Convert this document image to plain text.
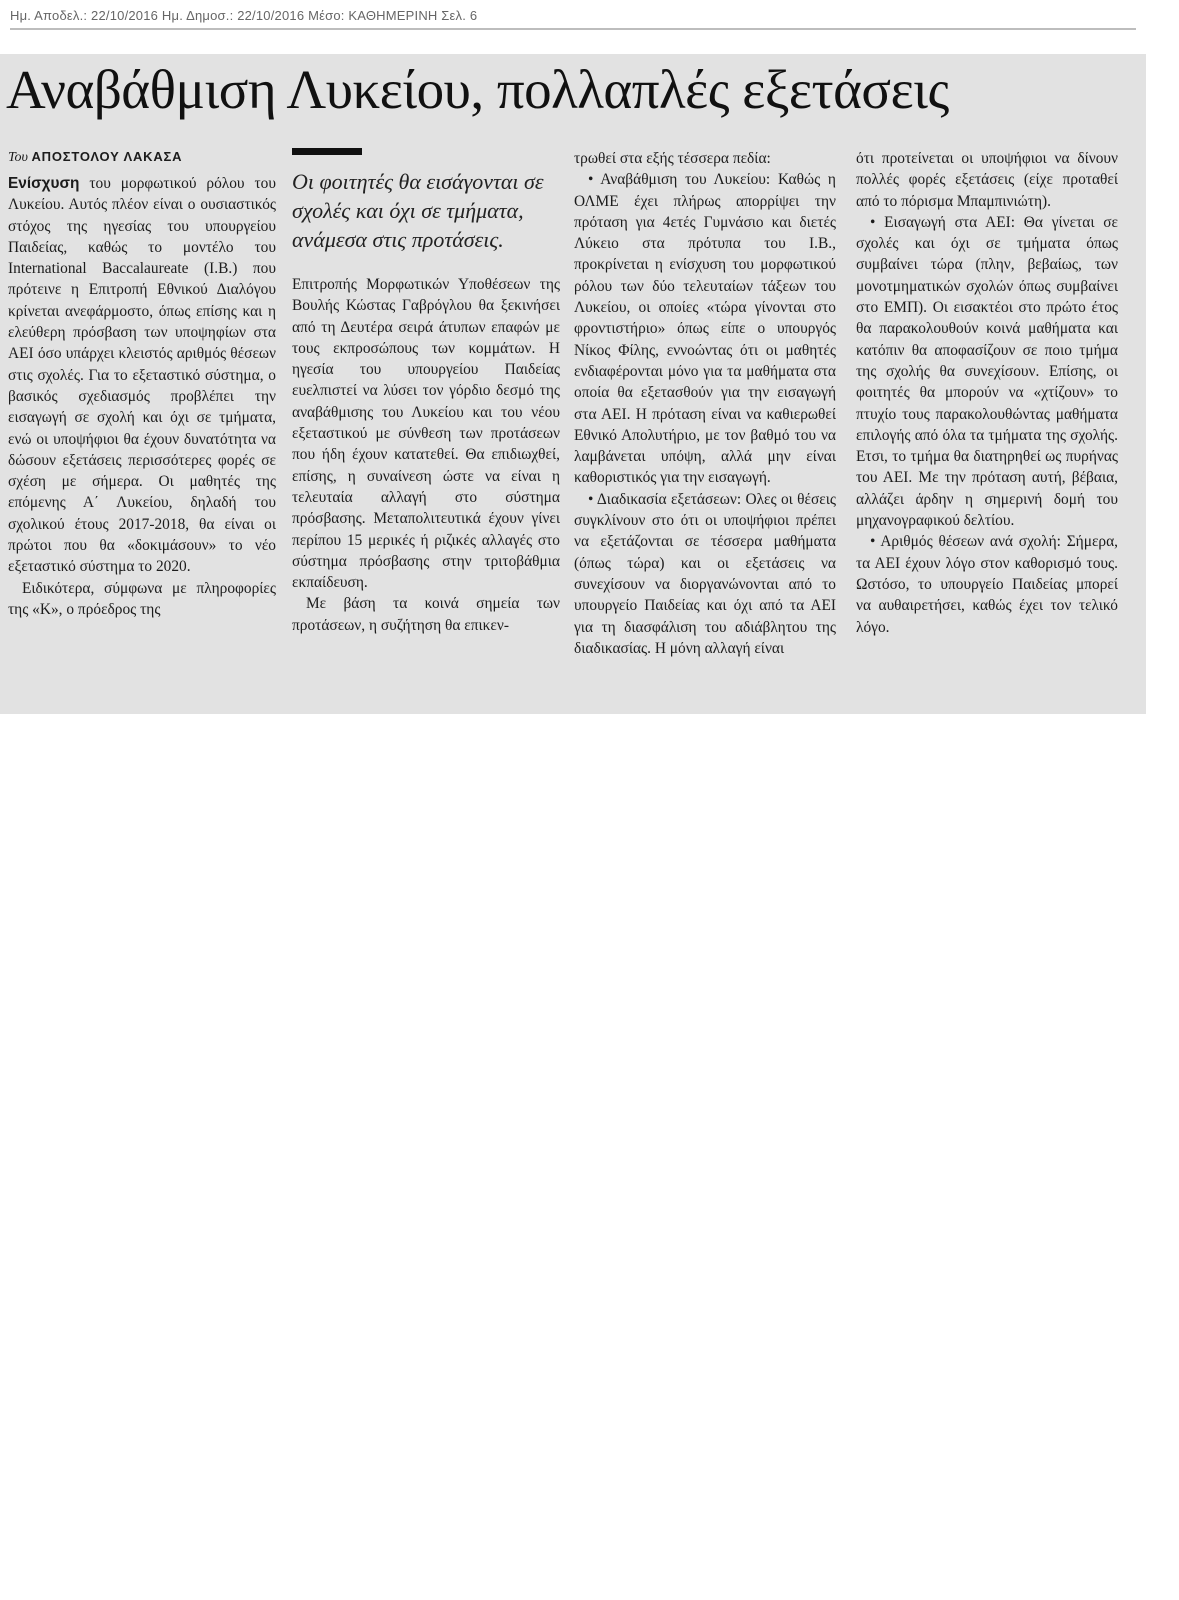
Ημ. Αποδελ.: 22/10/2016 Ημ. Δημοσ.: 22/10/2016 Μέσο: ΚΑΘΗΜΕΡΙΝΗ Σελ. 6
Αναβάθμιση Λυκείου, πολλαπλές εξετάσεις

Του ΑΠΟΣΤΟΛΟΥ ΛΑΚΑΣΑ

Ενίσχυση του μορφωτικού ρόλου του Λυκείου. Αυτός πλέον είναι ο ουσιαστικός στόχος της ηγεσίας του υπουργείου Παιδείας, καθώς το μοντέλο του International Baccalaureate (I.B.) που πρότεινε η Επιτροπή Εθνικού Διαλόγου κρίνεται ανεφάρμοστο, όπως επίσης και η ελεύθερη πρόσβαση των υποψηφίων στα ΑΕΙ όσο υπάρχει κλειστός αριθμός θέσεων στις σχολές. Για το εξεταστικό σύστημα, ο βασικός σχεδιασμός προβλέπει την εισαγωγή σε σχολή και όχι σε τμήματα, ενώ οι υποψήφιοι θα έχουν δυνατότητα να δώσουν εξετάσεις περισσότερες φορές σε σχέση με σήμερα. Οι μαθητές της επόμενης Α΄ Λυκείου, δηλαδή του σχολικού έτους 2017-2018, θα είναι οι πρώτοι που θα «δοκιμάσουν» το νέο εξεταστικό σύστημα το 2020.

Ειδικότερα, σύμφωνα με πληροφορίες της «Κ», ο πρόεδρος της

Οι φοιτητές θα εισάγονται σε σχολές και όχι σε τμήματα, ανάμεσα στις προτάσεις.

Επιτροπής Μορφωτικών Υποθέσεων της Βουλής Κώστας Γαβρόγλου θα ξεκινήσει από τη Δευτέρα σειρά άτυπων επαφών με τους εκπροσώπους των κομμάτων. Η ηγεσία του υπουργείου Παιδείας ευελπιστεί να λύσει τον γόρδιο δεσμό της αναβάθμισης του Λυκείου και του νέου εξεταστικού με σύνθεση των προτάσεων που ήδη έχουν κατατεθεί. Θα επιδιωχθεί, επίσης, η συναίνεση ώστε να είναι η τελευταία αλλαγή στο σύστημα πρόσβασης. Μεταπολιτευτικά έχουν γίνει περίπου 15 μερικές ή ριζικές αλλαγές στο σύστημα πρόσβασης στην τριτοβάθμια εκπαίδευση.

Με βάση τα κοινά σημεία των προτάσεων, η συζήτηση θα επικεν-

τρωθεί στα εξής τέσσερα πεδία:

• Αναβάθμιση του Λυκείου: Καθώς η ΟΛΜΕ έχει πλήρως απορρίψει την πρόταση για 4ετές Γυμνάσιο και διετές Λύκειο στα πρότυπα του I.B., προκρίνεται η ενίσχυση του μορφωτικού ρόλου των δύο τελευταίων τάξεων του Λυκείου, οι οποίες «τώρα γίνονται στο φροντιστήριο» όπως είπε ο υπουργός Νίκος Φίλης, εννοώντας ότι οι μαθητές ενδιαφέρονται μόνο για τα μαθήματα στα οποία θα εξετασθούν για την εισαγωγή στα ΑΕΙ. Η πρόταση είναι να καθιερωθεί Εθνικό Απολυτήριο, με τον βαθμό του να λαμβάνεται υπόψη, αλλά μην είναι καθοριστικός για την εισαγωγή.

• Διαδικασία εξετάσεων: Ολες οι θέσεις συγκλίνουν στο ότι οι υποψήφιοι πρέπει να εξετάζονται σε τέσσερα μαθήματα (όπως τώρα) και οι εξετάσεις να συνεχίσουν να διοργανώνονται από το υπουργείο Παιδείας και όχι από τα ΑΕΙ για τη διασφάλιση του αδιάβλητου της διαδικασίας. Η μόνη αλλαγή είναι

ότι προτείνεται οι υποψήφιοι να δίνουν πολλές φορές εξετάσεις (είχε προταθεί από το πόρισμα Μπαμπινιώτη).

• Εισαγωγή στα ΑΕΙ: Θα γίνεται σε σχολές και όχι σε τμήματα όπως συμβαίνει τώρα (πλην, βεβαίως, των μονοτμηματικών σχολών όπως συμβαίνει στο ΕΜΠ). Οι εισακτέοι στο πρώτο έτος θα παρακολουθούν κοινά μαθήματα και κατόπιν θα αποφασίζουν σε ποιο τμήμα της σχολής θα συνεχίσουν. Επίσης, οι φοιτητές θα μπορούν να «χτίζουν» το πτυχίο τους παρακολουθώντας μαθήματα επιλογής από όλα τα τμήματα της σχολής. Ετσι, το τμήμα θα διατηρηθεί ως πυρήνας του ΑΕΙ. Με την πρόταση αυτή, βέβαια, αλλάζει άρδην η σημερινή δομή του μηχανογραφικού δελτίου.

• Αριθμός θέσεων ανά σχολή: Σήμερα, τα ΑΕΙ έχουν λόγο στον καθορισμό τους. Ωστόσο, το υπουργείο Παιδείας μπορεί να αυθαιρετήσει, καθώς έχει τον τελικό λόγο.
